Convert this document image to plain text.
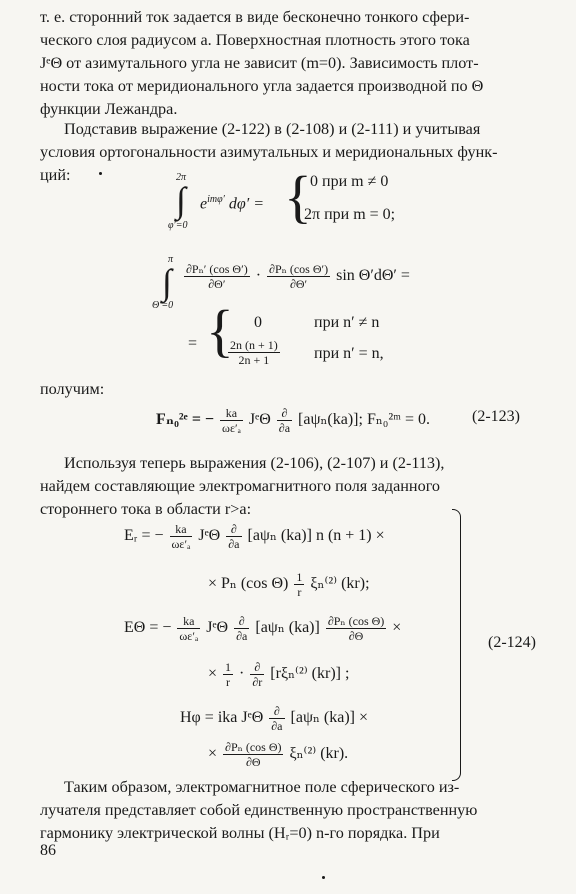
т. е. сторонний ток задается в виде бесконечно тонкого сфери-
ческого слоя радиусом a. Поверхностная плотность этого тока
JᵉΘ от азимутального угла не зависит (m=0). Зависимость плот-
ности тока от меридионального угла задается производной по Θ
функции Лежандра.
Подставив выражение (2-122) в (2-108) и (2-111) и учитывая
условия ортогональности азимутальных и меридиональных функ-
ций:	2π
∫
φ′=0
$e^{im\varphi'}$ dφ′ = {
0 при m ≠ 0
2π при m = 0;
π
∫
Θ′=0
$\frac{\text{∂Pₙ′ (cos Θ′)}}{\partial\Theta'} \cdot \frac{\text{∂Pₙ (cos Θ′)}}{\partial\Theta'}$ sin Θ′dΘ′ =
= { 0	при n′ ≠ n
$\frac{2n (n + 1)}{2n + 1}$ при n′ = n,
получим:
Fₙ₀²ᵉ = − $\frac{ka}{\text{ωε′ₐ}}$ JᵉΘ $\frac{\partial}{\partial a} [a\psi_n(ka)]$; Fₙ₀²ᵐ = 0.	(2-123)
Используя теперь выражения (2-106), (2-107) и (2-113),
найдем составляющие электромагнитного поля заданного
стороннего тока в области r>a:
Eᵣ = − $\frac{ka}{\text{ωε′ₐ}}$ JᵉΘ $\frac{\partial}{\partial a} [a\psi_n$ (ka)] n (n + 1) ×
× Pₙ (cos $\Theta) \frac{1}{r} \xi_n^{(2)}$ (kr);
EΘ = − $\frac{ka}{\text{ωε′ₐ}}$ JᵉΘ $\frac{\partial}{\partial a} [a\psi_n$ $(ka)] \frac{\text{∂Pₙ (cos Θ)}}{\partial\Theta}$ ×
× $\frac{1}{r} \cdot \frac{\partial}{\partial r} [r\xi_n^{(2)}$ (kr)] ;
Hφ = ika JᵉΘ $\frac{\partial}{\partial a} [a\psi_n$ (ka)] ×
× $\frac{\text{∂Pₙ (cos Θ)}}{\partial\Theta} \xi_n^{(2)}$ (kr).
(2-124)
Таким образом, электромагнитное поле сферического из-
лучателя представляет собой единственную пространственную
гармонику электрической волны (Hᵣ=0) n-го порядка. При
86
